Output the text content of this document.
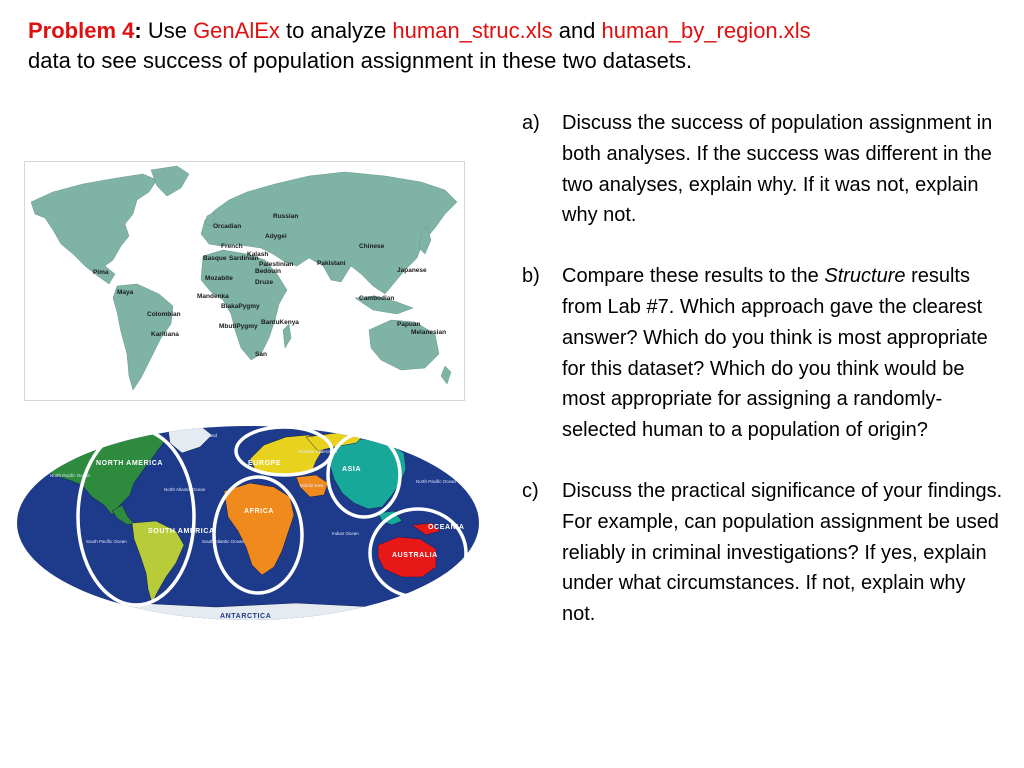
Problem 4: Use GenAlEx to analyze human_struc.xls and human_by_region.xls
data to see success of population assignment in these two datasets.
a)	Discuss the success of population assignment in both analyses. If the success was different in the two analyses, explain why. If it was not, explain why not.
b)	Compare these results to the Structure results from Lab #7. Which approach gave the clearest answer? Which do you think is most appropriate for this dataset? Which do you think would be most appropriate for assigning a randomly-selected human to a population of origin?
c)	Discuss the practical significance of your findings. For example, can population assignment be used reliably in criminal investigations? If yes, explain under what circumstances. If not, explain why not.
Russian
Orcadian
Adygei
French
Kalash
Basque Sardinian
Palestinian
Bedouin
Druze
Mozabite
Chinese
Pakistani
Japanese
Pima
Maya
Mandenka
BiakaPygmy
MbutiPygmy
BantuKenya
San
Colombian
Karitiana
Cambodian
Papuan
Melanesian
NORTH AMERICA
SOUTH AMERICA
EUROPE
ASIA
AFRICA
AUSTRALIA
OCEANIA
ANTARCTICA
Greenland
North Pacific Ocean
North Atlantic Ocean
South Pacific Ocean	South Atlantic Ocean
Indian Ocean
North Pacific Ocean
Russian Federation
Middle East
